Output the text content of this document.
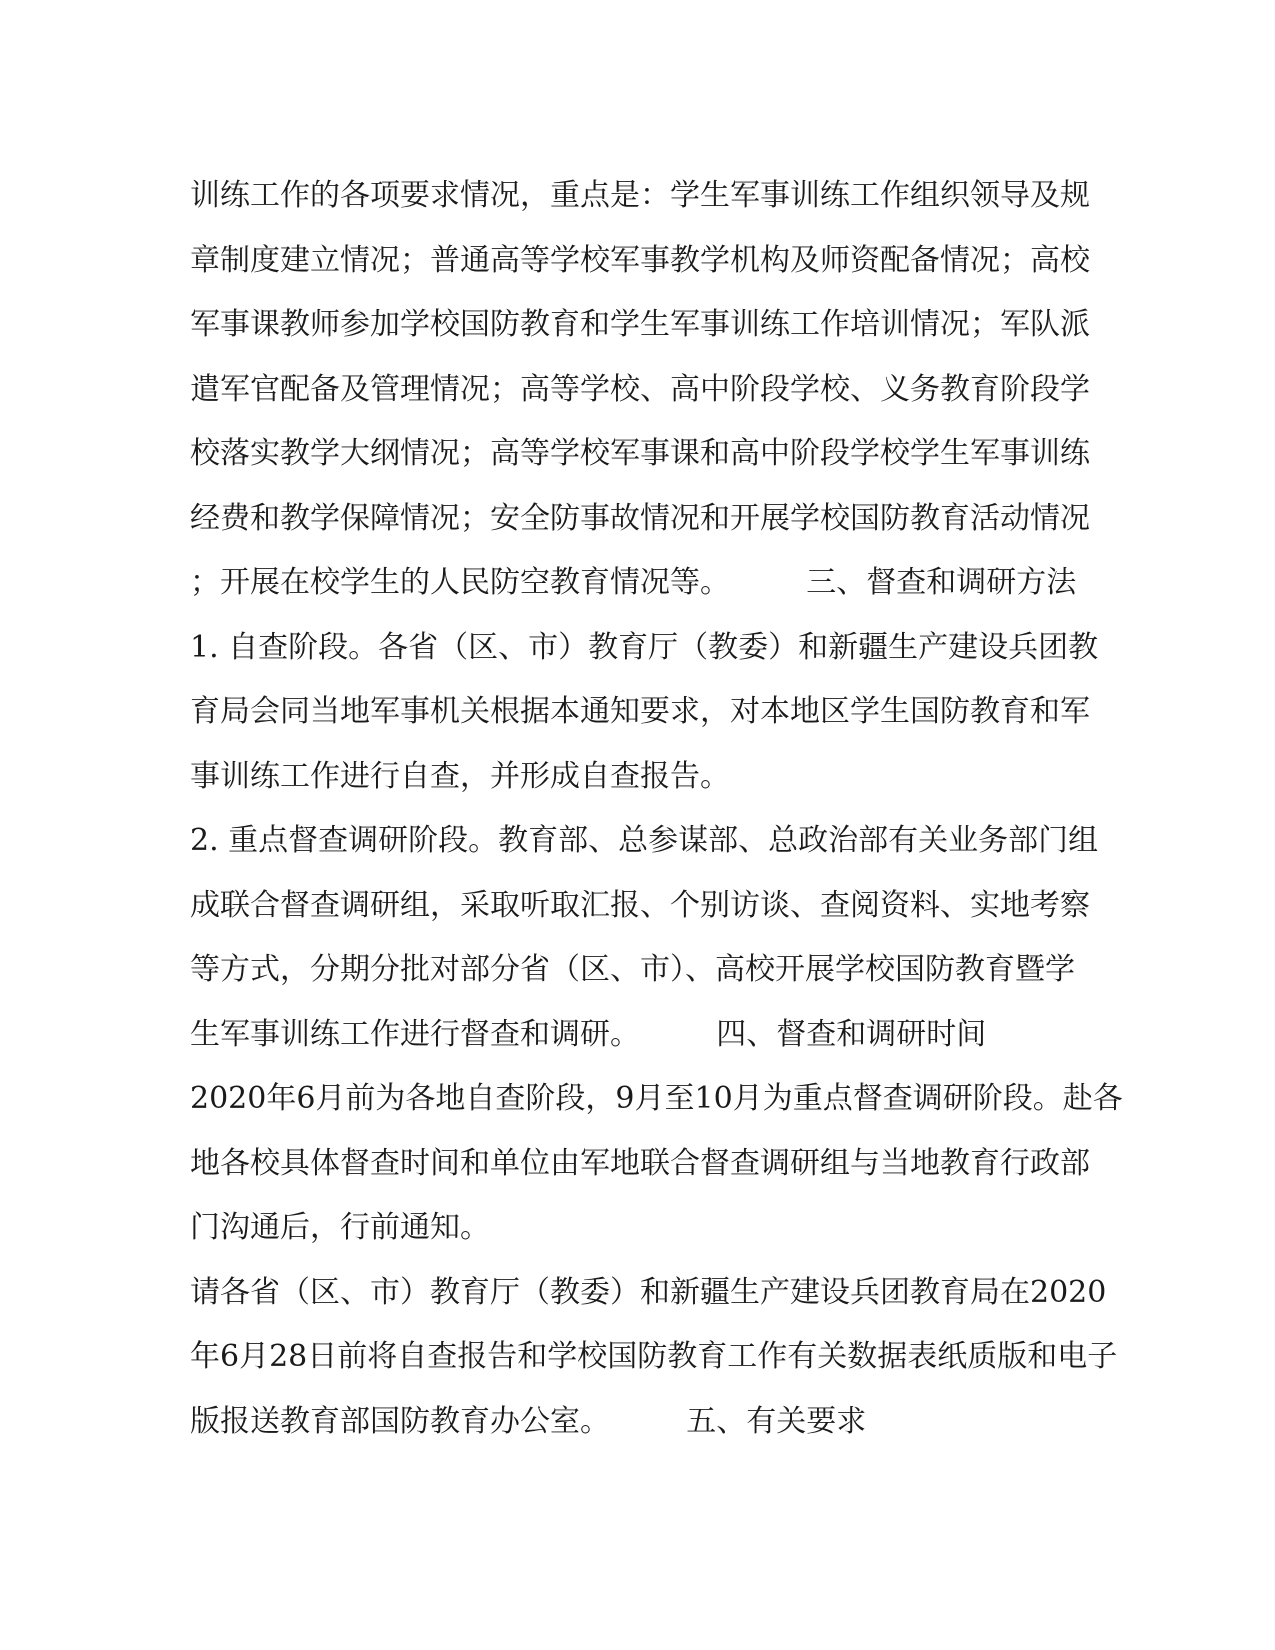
训练工作的各项要求情况，重点是：学生军事训练工作组织领导及规
章制度建立情况；普通高等学校军事教学机构及师资配备情况；高校
军事课教师参加学校国防教育和学生军事训练工作培训情况；军队派
遣军官配备及管理情况；高等学校、高中阶段学校、义务教育阶段学
校落实教学大纲情况；高等学校军事课和高中阶段学校学生军事训练
经费和教学保障情况；安全防事故情况和开展学校国防教育活动情况
；开展在校学生的人民防空教育情况等。        三、督查和调研方法
1. 自查阶段。各省（区、市）教育厅（教委）和新疆生产建设兵团教
育局会同当地军事机关根据本通知要求，对本地区学生国防教育和军
事训练工作进行自查，并形成自查报告。
2. 重点督查调研阶段。教育部、总参谋部、总政治部有关业务部门组
成联合督查调研组，采取听取汇报、个别访谈、查阅资料、实地考察
等方式，分期分批对部分省（区、市）、高校开展学校国防教育暨学
生军事训练工作进行督查和调研。        四、督查和调研时间
2020年6月前为各地自查阶段，9月至10月为重点督查调研阶段。赴各
地各校具体督查时间和单位由军地联合督查调研组与当地教育行政部
门沟通后，行前通知。
请各省（区、市）教育厅（教委）和新疆生产建设兵团教育局在2020
年6月28日前将自查报告和学校国防教育工作有关数据表纸质版和电子
版报送教育部国防教育办公室。        五、有关要求
